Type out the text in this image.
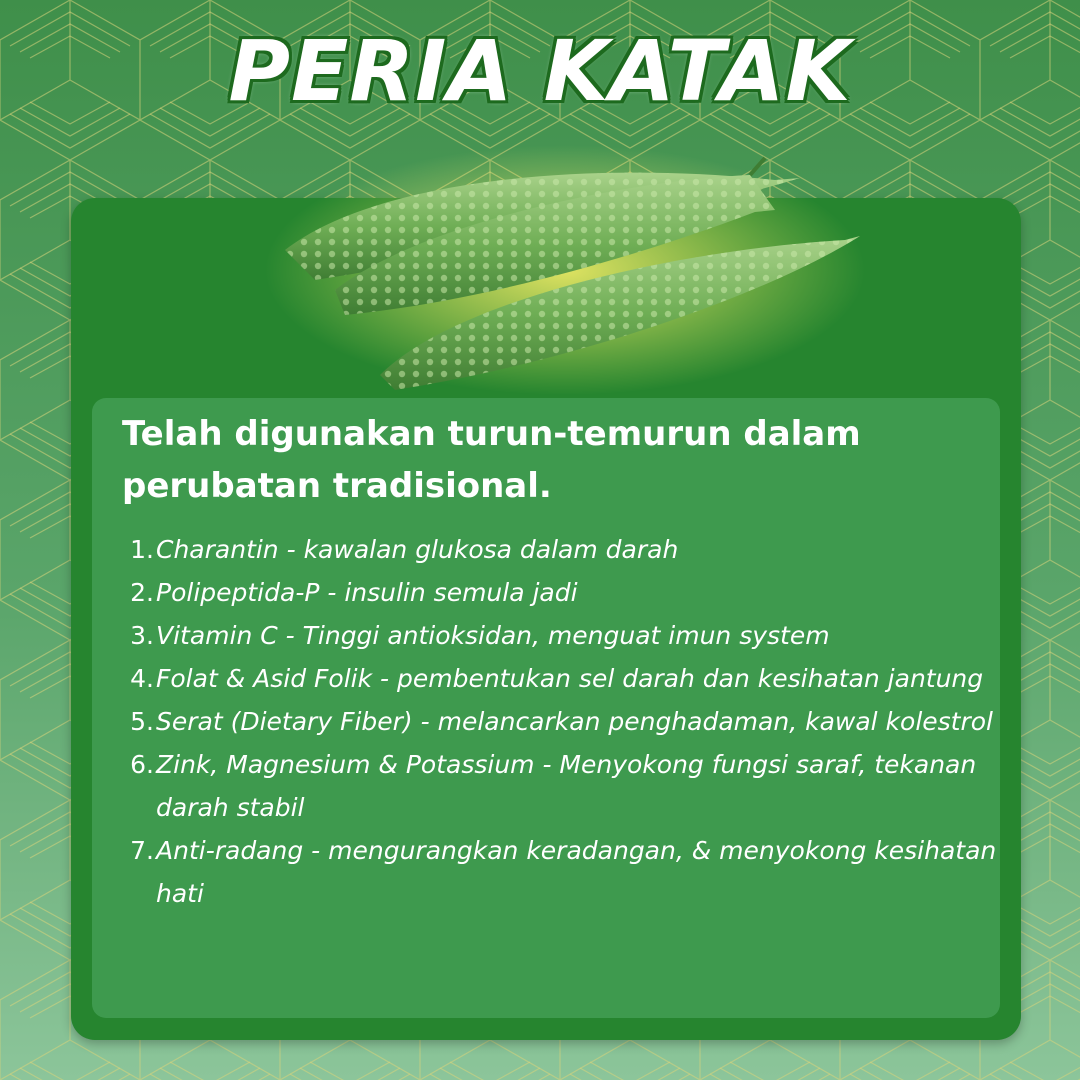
PERIA KATAK
Telah digunakan turun-temurun dalam perubatan tradisional.
1. Charantin - kawalan glukosa dalam darah
2. Polipeptida-P - insulin semula jadi
3. Vitamin C - Tinggi antioksidan, menguat imun system
4. Folat & Asid Folik - pembentukan sel darah dan kesihatan jantung
5. Serat (Dietary Fiber) - melancarkan penghadaman, kawal kolestrol
6. Zink, Magnesium & Potassium - Menyokong fungsi saraf, tekanan darah stabil
7. Anti-radang - mengurangkan keradangan, & menyokong kesihatan hati
